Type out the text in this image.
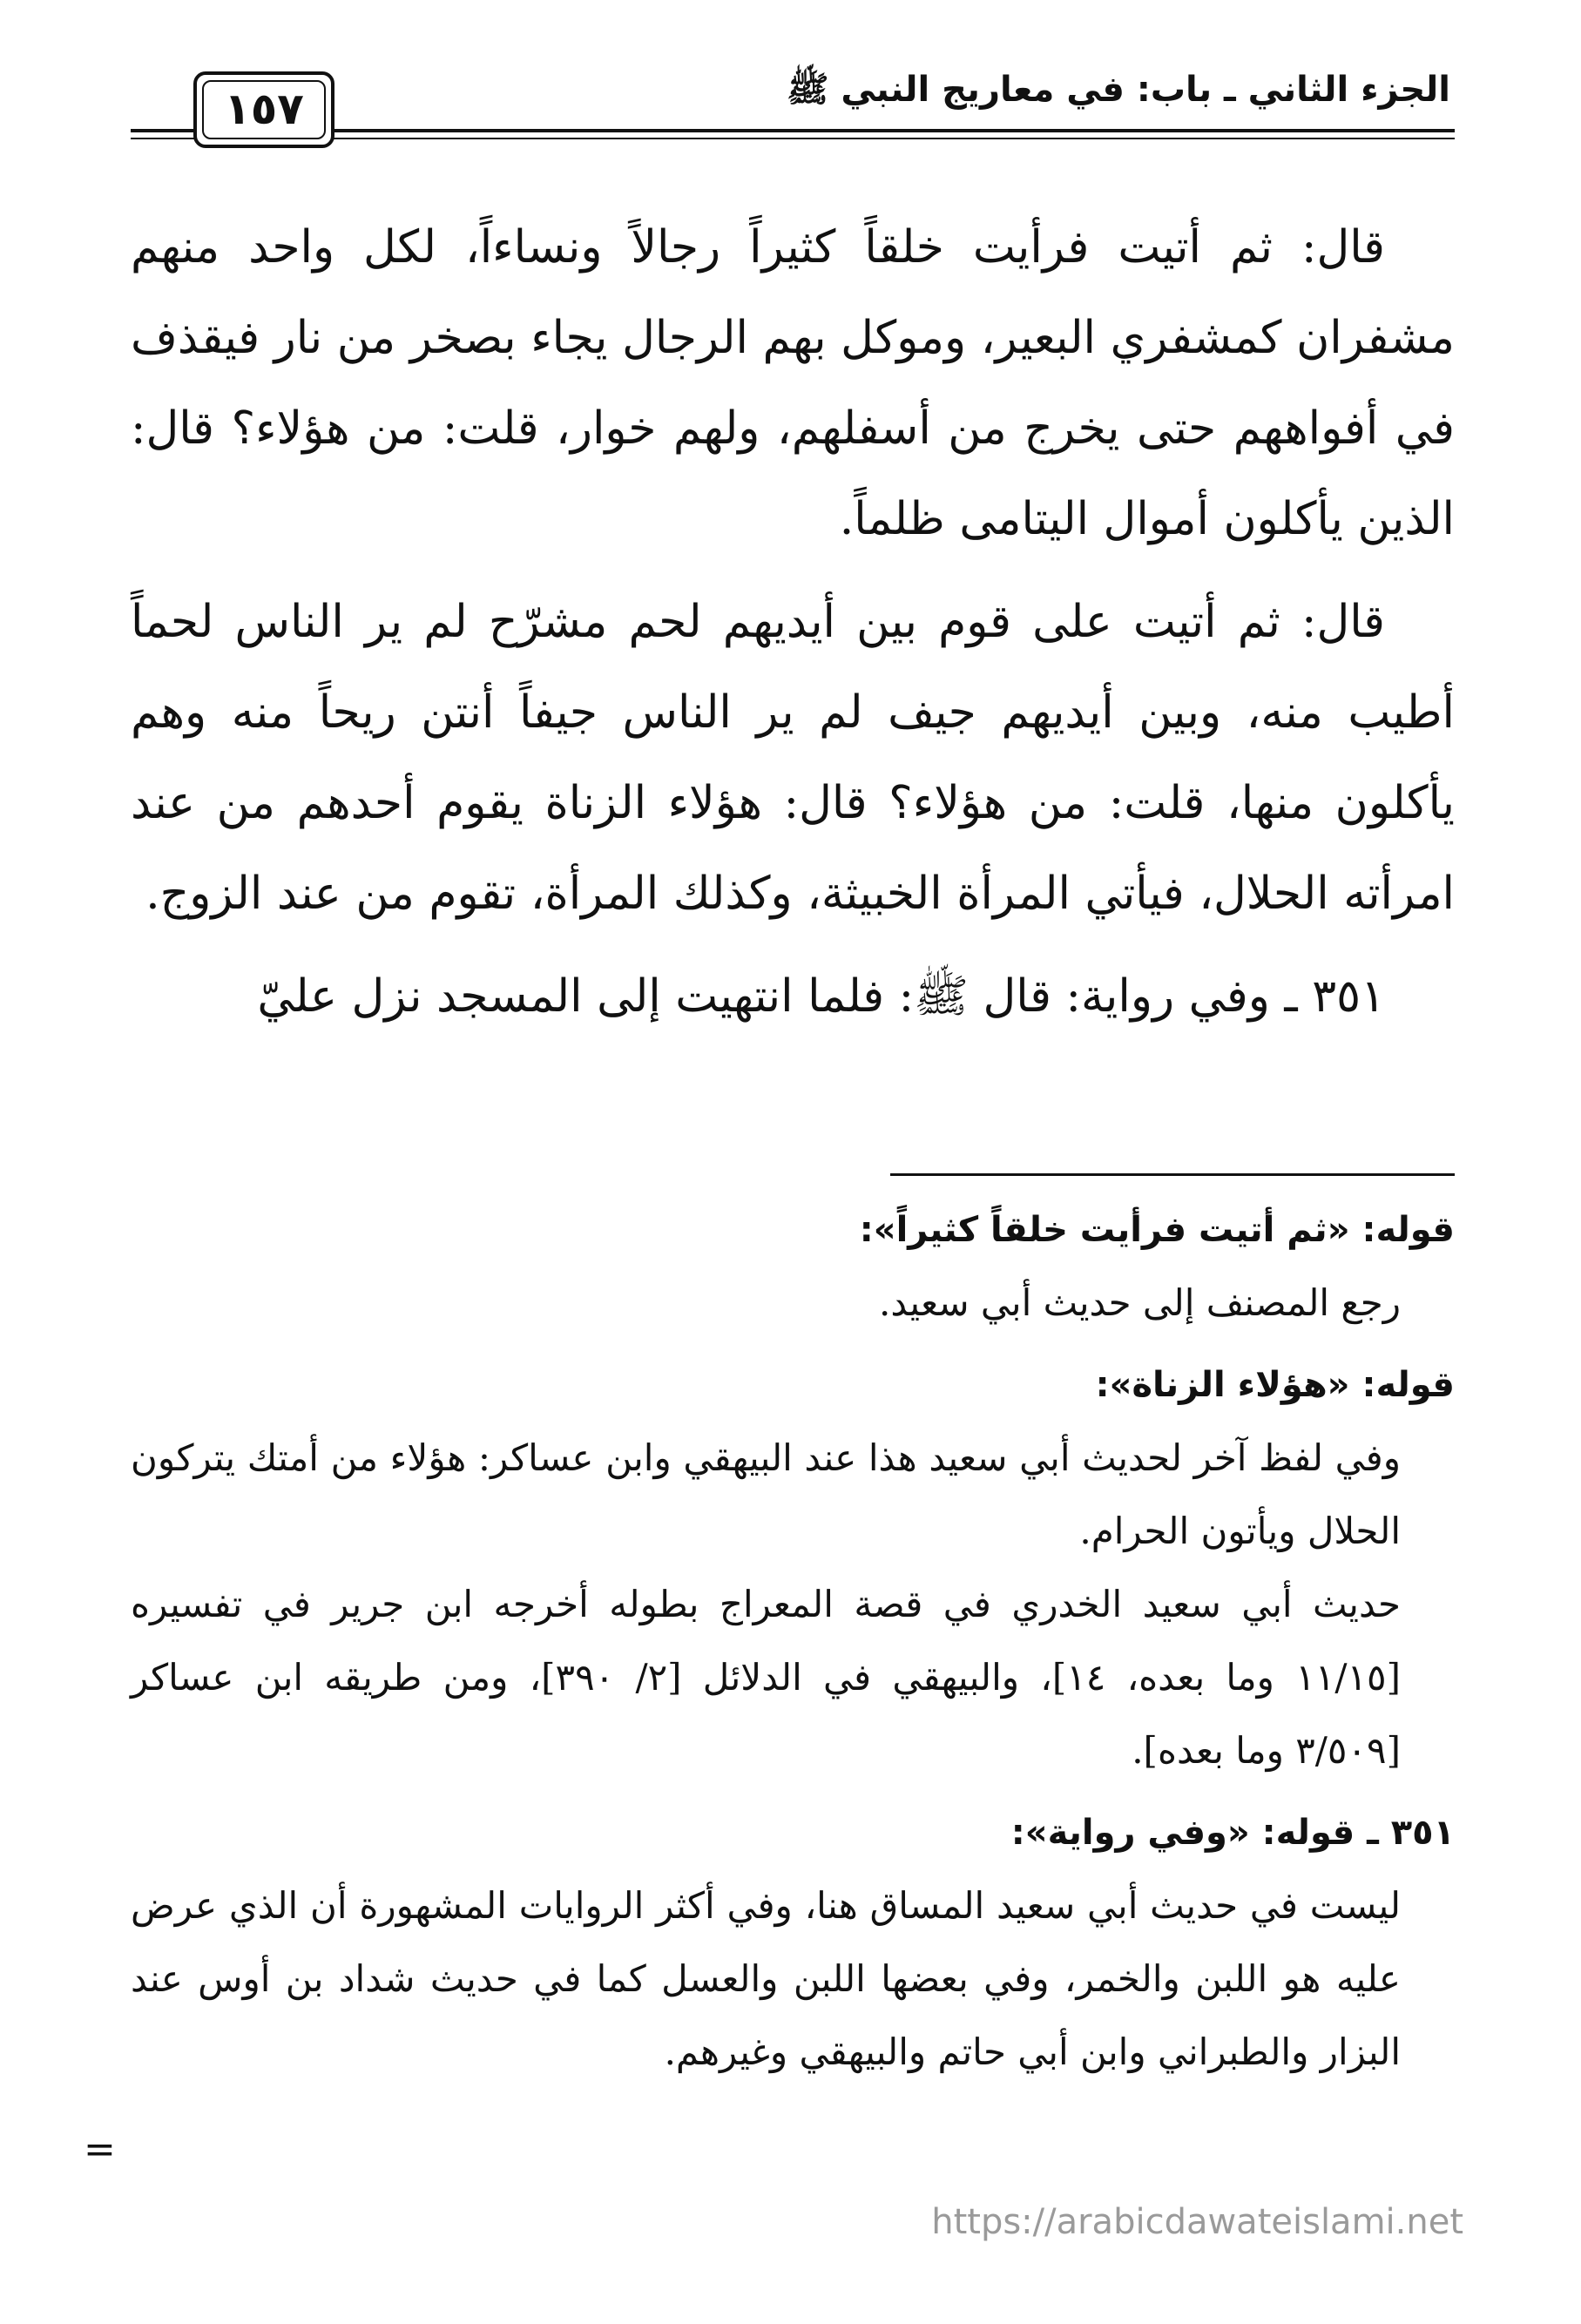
الجزء الثاني ـ باب: في معاريج النبي ﷺ
١٥٧

قال: ثم أتيت فرأيت خلقاً كثيراً رجالاً ونساءاً، لكل واحد منهم مشفران كمشفري البعير، وموكل بهم الرجال يجاء بصخر من نار فيقذف في أفواههم حتى يخرج من أسفلهم، ولهم خوار، قلت: من هؤلاء؟ قال: الذين يأكلون أموال اليتامى ظلماً.

قال: ثم أتيت على قوم بين أيديهم لحم مشرّح لم ير الناس لحماً أطيب منه، وبين أيديهم جيف لم ير الناس جيفاً أنتن ريحاً منه وهم يأكلون منها، قلت: من هؤلاء؟ قال: هؤلاء الزناة يقوم أحدهم من عند امرأته الحلال، فيأتي المرأة الخبيثة، وكذلك المرأة، تقوم من عند الزوج.

٣٥١ ـ وفي رواية: قال ﷺ: فلما انتهيت إلى المسجد نزل عليّ

قوله: «ثم أتيت فرأيت خلقاً كثيراً»:

رجع المصنف إلى حديث أبي سعيد.

قوله: «هؤلاء الزناة»:

وفي لفظ آخر لحديث أبي سعيد هذا عند البيهقي وابن عساكر: هؤلاء من أمتك يتركون الحلال ويأتون الحرام.

حديث أبي سعيد الخدري في قصة المعراج بطوله أخرجه ابن جرير في تفسيره [١١/١٥ وما بعده، ١٤]، والبيهقي في الدلائل [٢/ ٣٩٠]، ومن طريقه ابن عساكر [٣/٥٠٩ وما بعده].

٣٥١ ـ قوله: «وفي رواية»:

ليست في حديث أبي سعيد المساق هنا، وفي أكثر الروايات المشهورة أن الذي عرض عليه هو اللبن والخمر، وفي بعضها اللبن والعسل كما في حديث شداد بن أوس عند البزار والطبراني وابن أبي حاتم والبيهقي وغيرهم.

=
https://arabicdawateislami.net
